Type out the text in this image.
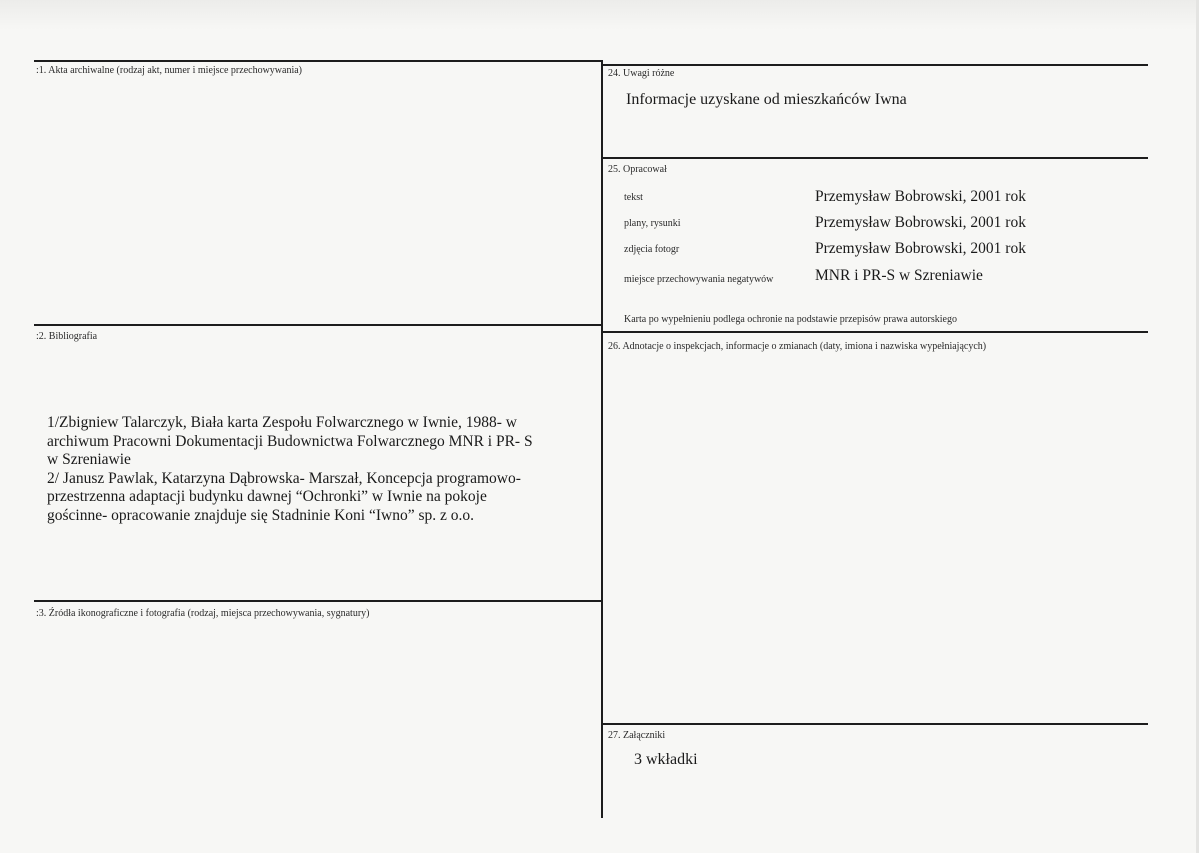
:1. Akta archiwalne (rodzaj akt, numer i miejsce przechowywania)
:2. Bibliografia
1/Zbigniew Talarczyk, Biała karta Zespołu Folwarcznego w Iwnie, 1988- w
archiwum Pracowni Dokumentacji Budownictwa Folwarcznego MNR i PR- S
w Szreniawie
2/ Janusz Pawlak, Katarzyna Dąbrowska- Marszał, Koncepcja programowo-
przestrzenna adaptacji budynku dawnej “Ochronki” w Iwnie na pokoje
gościnne- opracowanie znajduje się Stadninie Koni “Iwno” sp. z o.o.
:3. Źródła ikonograficzne i fotografia (rodzaj, miejsca przechowywania, sygnatury)
24. Uwagi różne
Informacje uzyskane od mieszkańców Iwna
25. Opracował
tekst	Przemysław Bobrowski, 2001 rok
plany, rysunki	Przemysław Bobrowski, 2001 rok
zdjęcia fotogr	Przemysław Bobrowski, 2001 rok
miejsce przechowywania negatywów	MNR i PR-S w Szreniawie
Karta po wypełnieniu podlega ochronie na podstawie przepisów prawa autorskiego
26. Adnotacje o inspekcjach, informacje o zmianach (daty, imiona i nazwiska wypełniających)
27. Załączniki
3 wkładki
